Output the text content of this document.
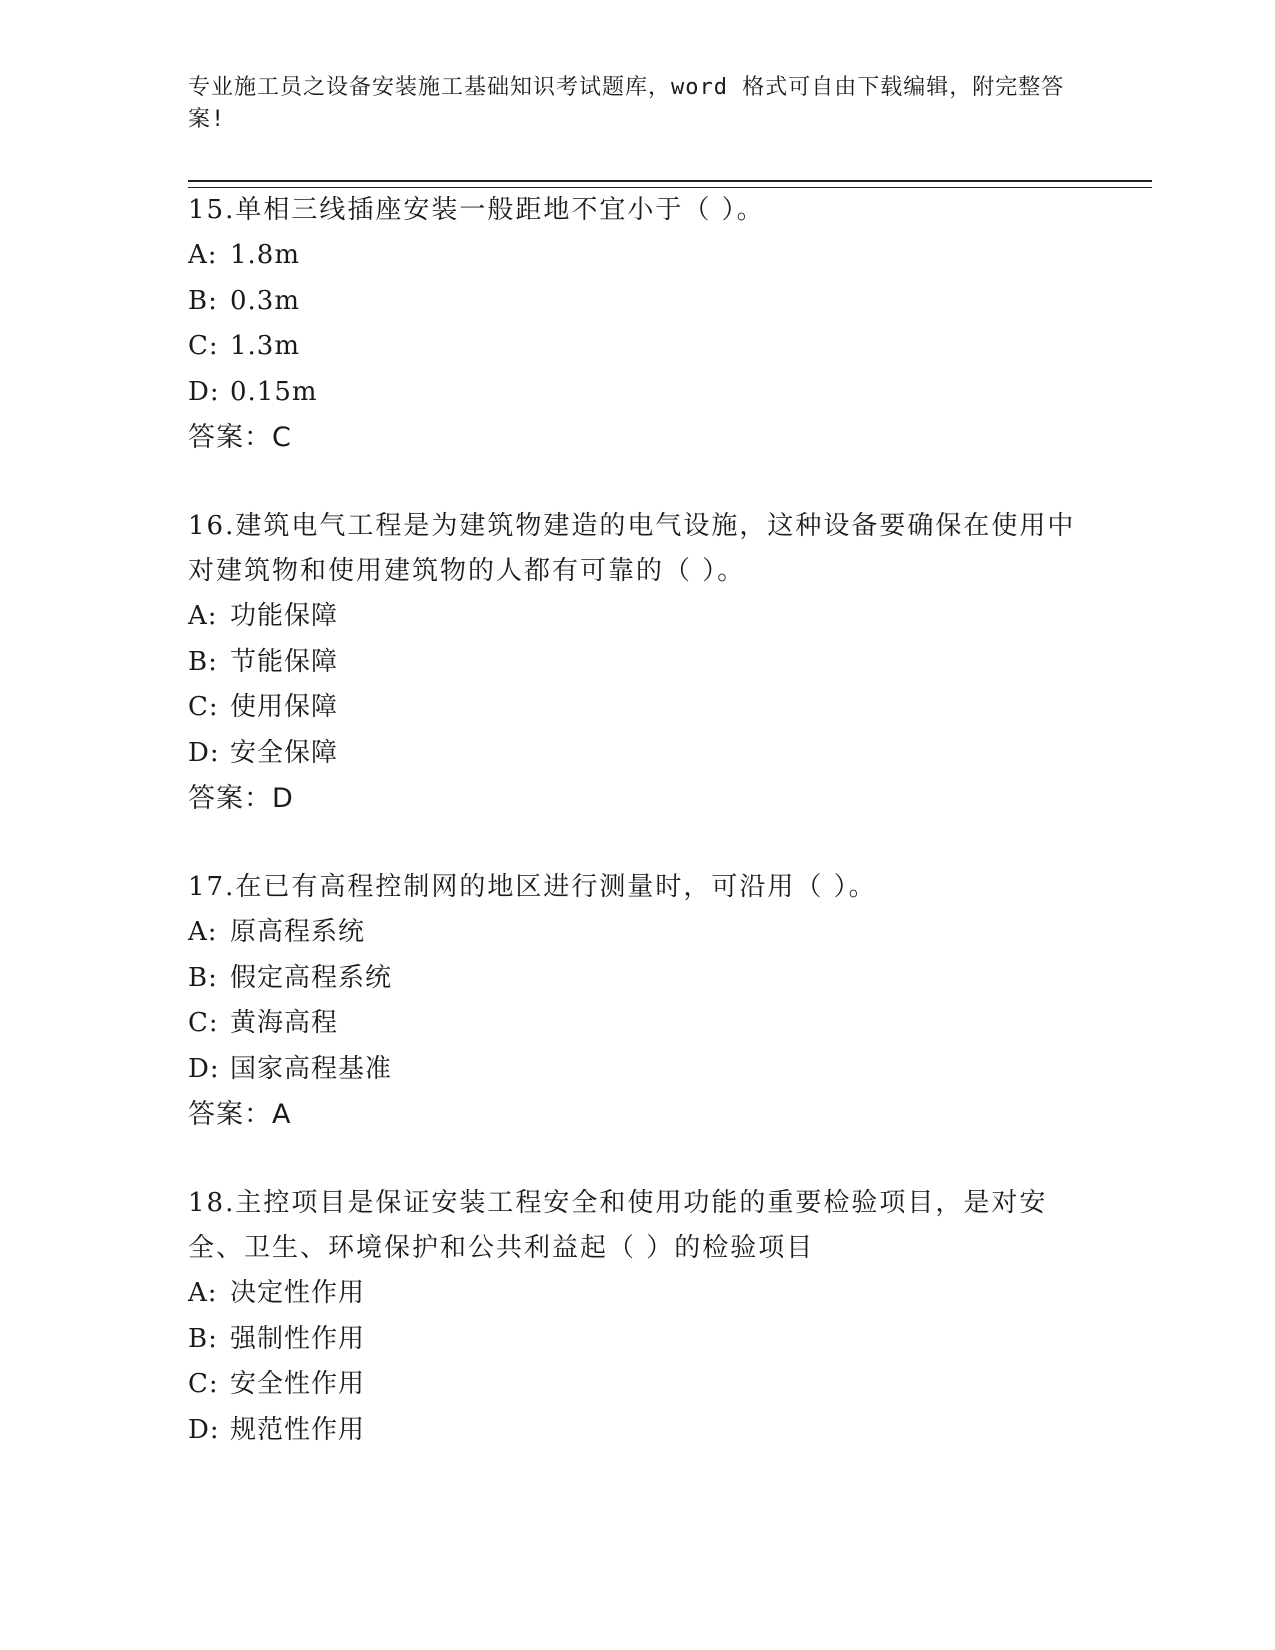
专业施工员之设备安装施工基础知识考试题库，word 格式可自由下载编辑，附完整答案!
15.单相三线插座安装一般距地不宜小于（ ）。
A: 1.8m
B: 0.3m
C: 1.3m
D: 0.15m
答案：C
16.建筑电气工程是为建筑物建造的电气设施，这种设备要确保在使用中对建筑物和使用建筑物的人都有可靠的（ ）。
A: 功能保障
B: 节能保障
C: 使用保障
D: 安全保障
答案：D
17.在已有高程控制网的地区进行测量时，可沿用（ ）。
A: 原高程系统
B: 假定高程系统
C: 黄海高程
D: 国家高程基准
答案：A
18.主控项目是保证安装工程安全和使用功能的重要检验项目，是对安全、卫生、环境保护和公共利益起（ ）的检验项目
A: 决定性作用
B: 强制性作用
C: 安全性作用
D: 规范性作用
